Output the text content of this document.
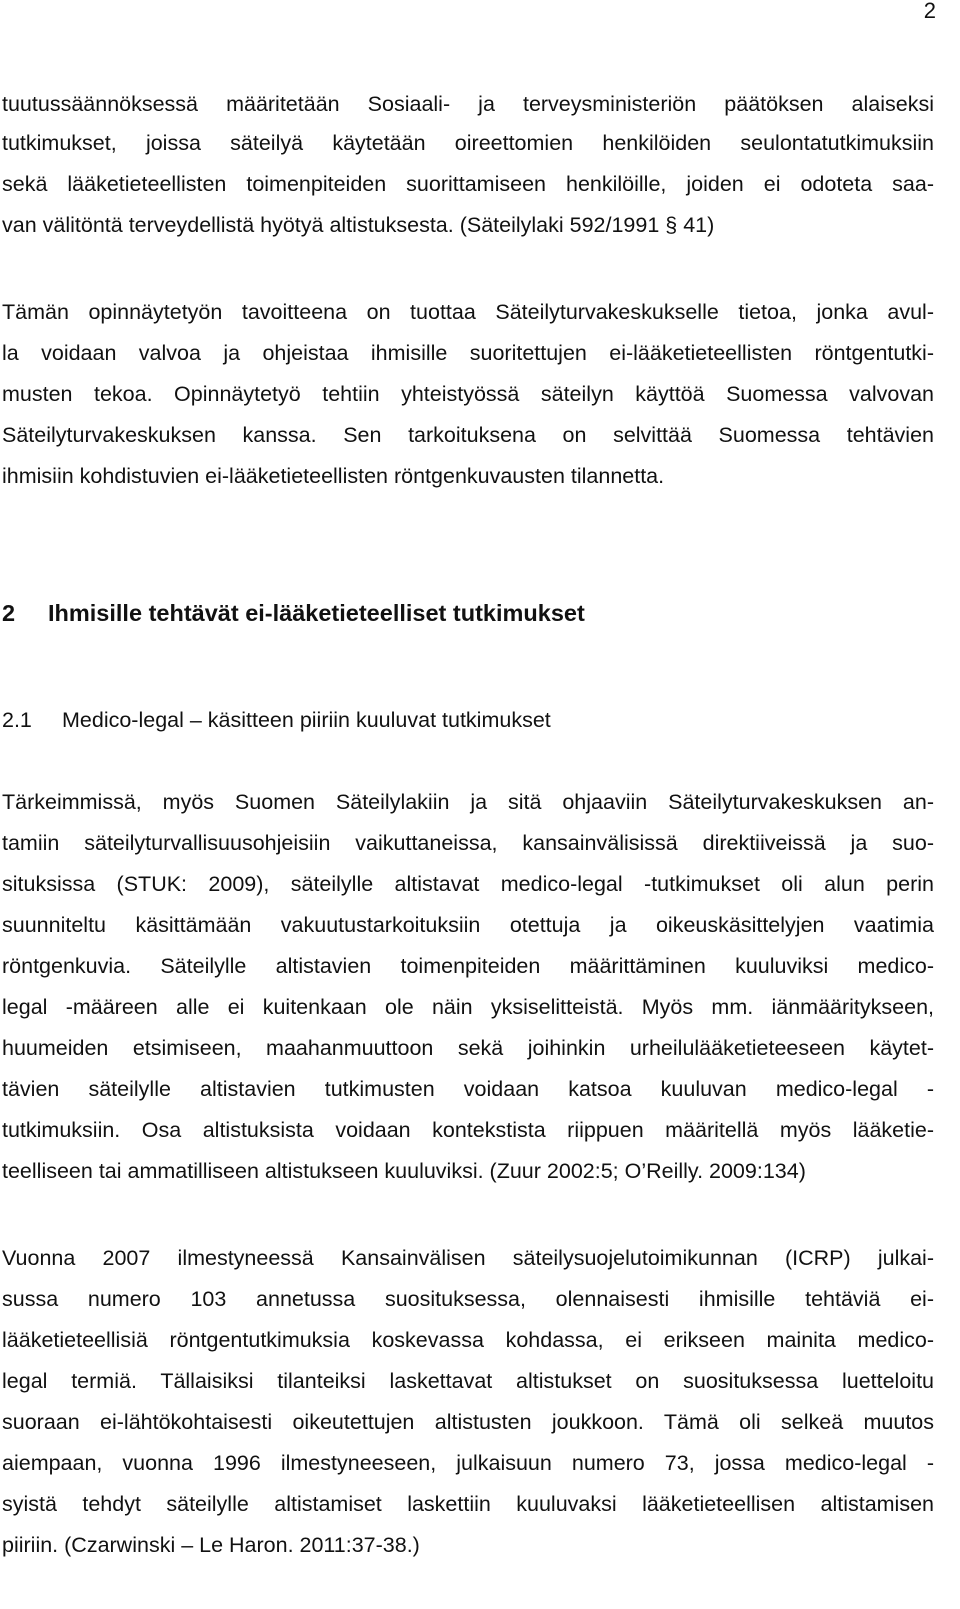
2
tuutussäännöksessä määritetään Sosiaali- ja terveysministeriön päätöksen alaiseksi
tutkimukset, joissa säteilyä käytetään oireettomien henkilöiden seulontatutkimuksiin
sekä lääketieteellisten toimenpiteiden suorittamiseen henkilöille, joiden ei odoteta saa-
van välitöntä terveydellistä hyötyä altistuksesta. (Säteilylaki 592/1991 § 41)
Tämän opinnäytetyön tavoitteena on tuottaa Säteilyturvakeskukselle tietoa, jonka avul-
la voidaan valvoa ja ohjeistaa ihmisille suoritettujen ei-lääketieteellisten röntgentutki-
musten tekoa. Opinnäytetyö tehtiin yhteistyössä säteilyn käyttöä Suomessa valvovan
Säteilyturvakeskuksen kanssa. Sen tarkoituksena on selvittää Suomessa tehtävien
ihmisiin kohdistuvien ei-lääketieteellisten röntgenkuvausten tilannetta.
2 Ihmisille tehtävät ei-lääketieteelliset tutkimukset
2.1 Medico-legal – käsitteen piiriin kuuluvat tutkimukset
Tärkeimmissä, myös Suomen Säteilylakiin ja sitä ohjaaviin Säteilyturvakeskuksen an-
tamiin säteilyturvallisuusohjeisiin vaikuttaneissa, kansainvälisissä direktiiveissä ja suo-
situksissa (STUK: 2009), säteilylle altistavat medico-legal -tutkimukset oli alun perin
suunniteltu käsittämään vakuutustarkoituksiin otettuja ja oikeuskäsittelyjen vaatimia
röntgenkuvia. Säteilylle altistavien toimenpiteiden määrittäminen kuuluviksi medico-
legal -määreen alle ei kuitenkaan ole näin yksiselitteistä. Myös mm. iänmääritykseen,
huumeiden etsimiseen, maahanmuuttoon sekä joihinkin urheilulääketieteeseen käytet-
tävien säteilylle altistavien tutkimusten voidaan katsoa kuuluvan medico-legal -
tutkimuksiin. Osa altistuksista voidaan kontekstista riippuen määritellä myös lääketie-
teelliseen tai ammatilliseen altistukseen kuuluviksi. (Zuur 2002:5; O’Reilly. 2009:134)
Vuonna 2007 ilmestyneessä Kansainvälisen säteilysuojelutoimikunnan (ICRP) julkai-
sussa numero 103 annetussa suosituksessa, olennaisesti ihmisille tehtäviä ei-
lääketieteellisiä röntgentutkimuksia koskevassa kohdassa, ei erikseen mainita medico-
legal termiä. Tällaisiksi tilanteiksi laskettavat altistukset on suosituksessa luetteloitu
suoraan ei-lähtökohtaisesti oikeutettujen altistusten joukkoon. Tämä oli selkeä muutos
aiempaan, vuonna 1996 ilmestyneeseen, julkaisuun numero 73, jossa medico-legal -
syistä tehdyt säteilylle altistamiset laskettiin kuuluvaksi lääketieteellisen altistamisen
piiriin. (Czarwinski – Le Haron. 2011:37-38.)
